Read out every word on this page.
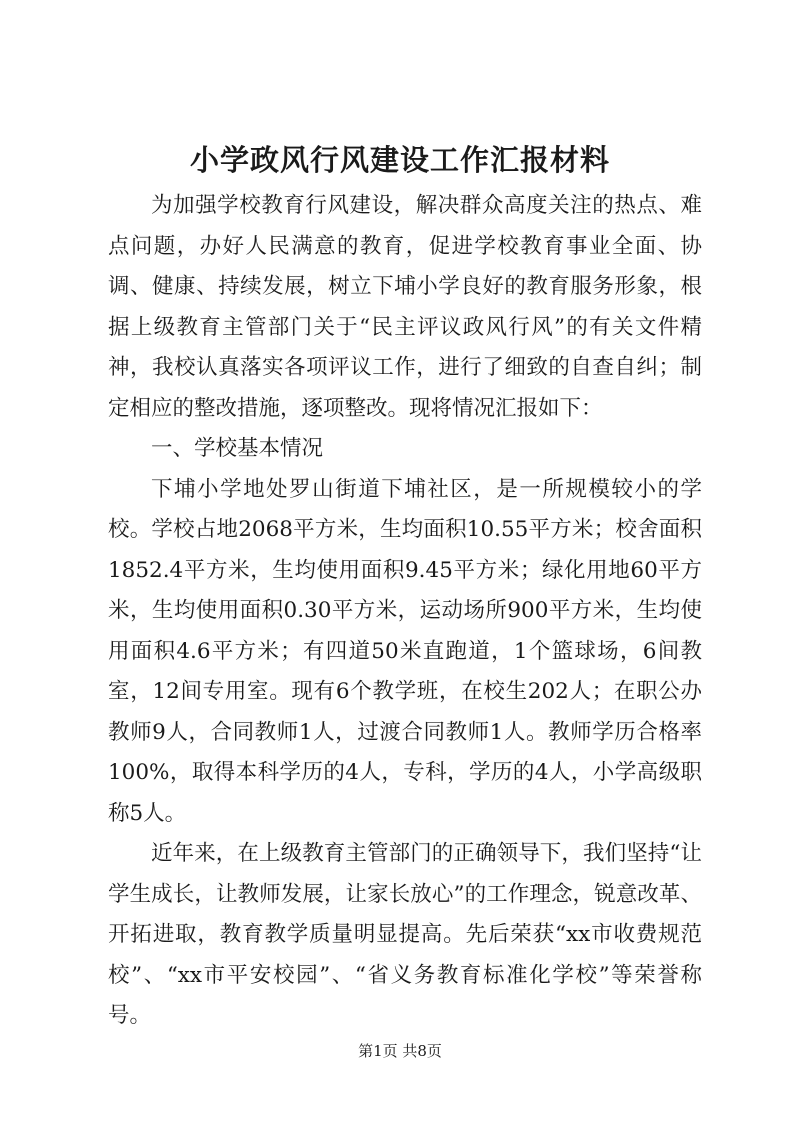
小学政风行风建设工作汇报材料

为加强学校教育行风建设，解决群众高度关注的热点、难点问题，办好人民满意的教育，促进学校教育事业全面、协调、健康、持续发展，树立下埔小学良好的教育服务形象，根据上级教育主管部门关于“民主评议政风行风”的有关文件精神，我校认真落实各项评议工作，进行了细致的自查自纠；制定相应的整改措施，逐项整改。现将情况汇报如下：

一、学校基本情况

下埔小学地处罗山街道下埔社区，是一所规模较小的学校。学校占地2068平方米，生均面积10.55平方米；校舍面积1852.4平方米，生均使用面积9.45平方米；绿化用地60平方米，生均使用面积0.30平方米，运动场所900平方米，生均使用面积4.6平方米；有四道50米直跑道，1个篮球场，6间教室，12间专用室。现有6个教学班，在校生202人；在职公办教师9人，合同教师1人，过渡合同教师1人。教师学历合格率100%，取得本科学历的4人，专科，学历的4人，小学高级职称5人。

近年来，在上级教育主管部门的正确领导下，我们坚持“让学生成长，让教师发展，让家长放心”的工作理念，锐意改革、开拓进取，教育教学质量明显提高。先后荣获“xx市收费规范校”、“xx市平安校园”、“省义务教育标准化学校”等荣誉称号。

第1页 共8页
